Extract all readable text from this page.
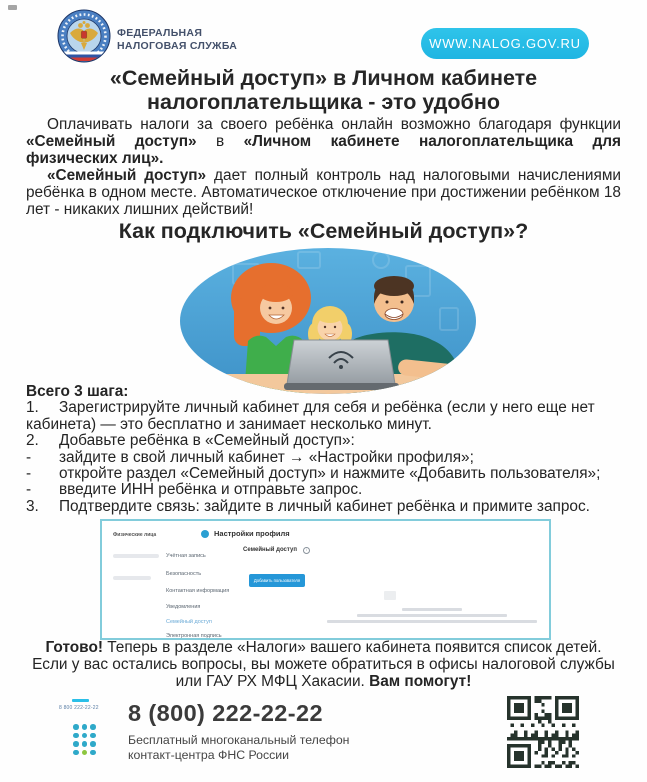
ФЕДЕРАЛЬНАЯ
НАЛОГОВАЯ СЛУЖБА	WWW.NALOG.GOV.RU
«Семейный доступ» в Личном кабинете
налогоплательщика - это удобно

Оплачивать налоги за своего ребёнка онлайн возможно благодаря функции «Семейный доступ» в «Личном кабинете налогоплательщика для физических лиц».

«Семейный доступ» дает полный контроль над налоговыми начислениями ребёнка в одном месте. Автоматическое отключение при достижении ребёнком 18 лет - никаких лишних действий!

Как подключить «Семейный доступ»?
Всего 3 шага:
1. Зарегистрируйте личный кабинет для себя и ребёнка (если у него еще нет кабинета) — это бесплатно и занимает несколько минут.
2. Добавьте ребёнка в «Семейный доступ»:
- зайдите в свой личный кабинет → «Настройки профиля»;
- откройте раздел «Семейный доступ» и нажмите «Добавить пользователя»;
- введите ИНН ребёнка и отправьте запрос.
3. Подтвердите связь: зайдите в личный кабинет ребёнка и примите запрос.
Физические лица	Настройки профиля
Учётная запись
Безопасность
Контактная информация
Уведомления
Семейный доступ
Электронная подпись
Семейный доступ	i
Добавить пользователя
Готово! Теперь в разделе «Налоги» вашего кабинета появится список детей.
Если у вас остались вопросы, вы можете обратиться в офисы налоговой службы
или ГАУ РХ МФЦ Хакасии. Вам помогут!
8 800 222-22-22 8 (800) 222-22-22
Бесплатный многоканальный телефон
контакт-центра ФНС России
